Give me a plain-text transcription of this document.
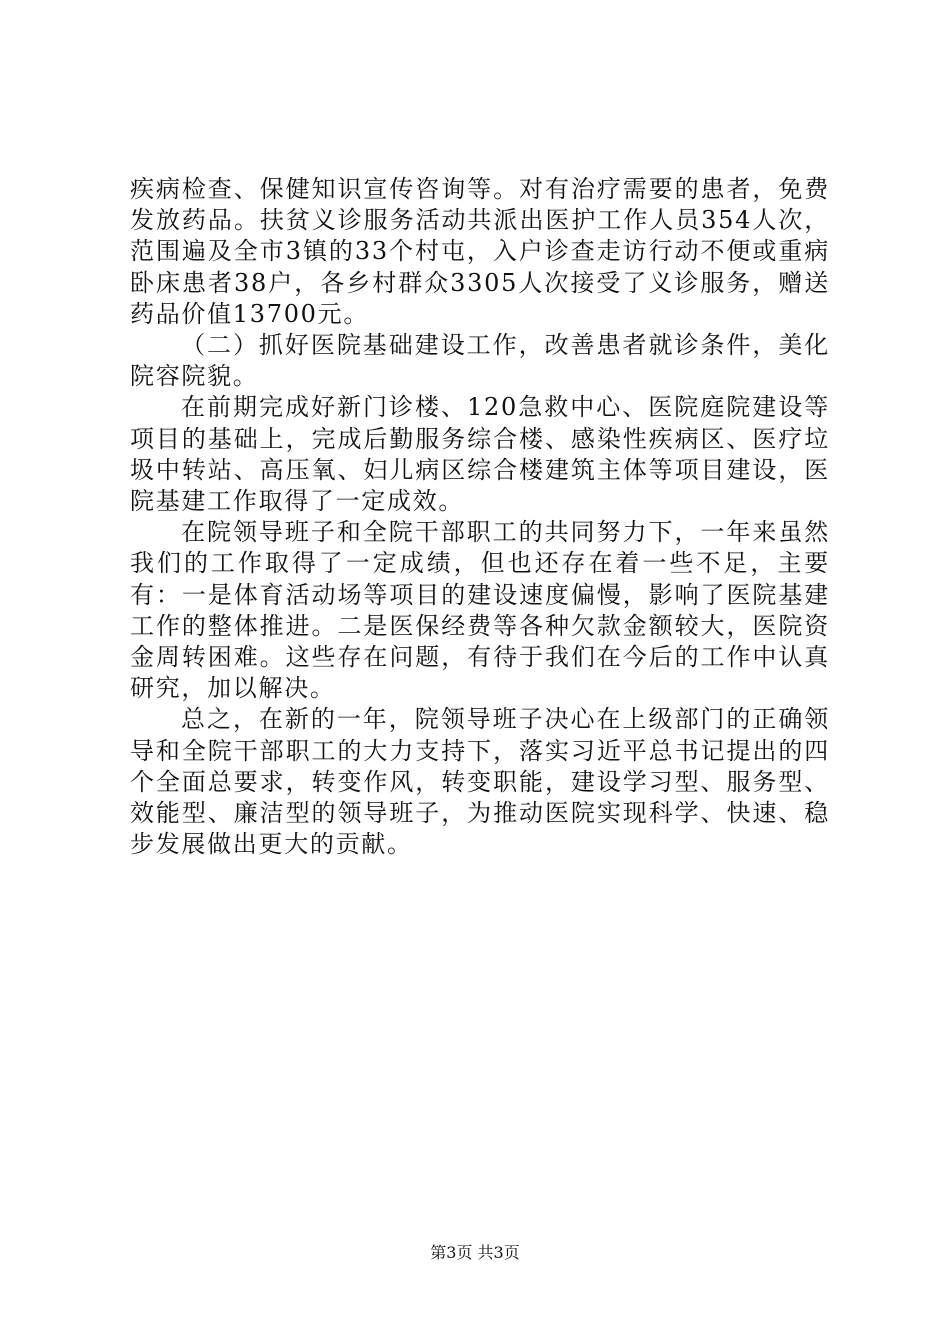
疾病检查、保健知识宣传咨询等。对有治疗需要的患者，免费发放药品。扶贫义诊服务活动共派出医护工作人员354人次，范围遍及全市3镇的33个村屯，入户诊查走访行动不便或重病卧床患者38户，各乡村群众3305人次接受了义诊服务，赠送药品价值13700元。

（二）抓好医院基础建设工作，改善患者就诊条件，美化院容院貌。

在前期完成好新门诊楼、120急救中心、医院庭院建设等项目的基础上，完成后勤服务综合楼、感染性疾病区、医疗垃圾中转站、高压氧、妇儿病区综合楼建筑主体等项目建设，医院基建工作取得了一定成效。

在院领导班子和全院干部职工的共同努力下，一年来虽然我们的工作取得了一定成绩，但也还存在着一些不足，主要有：一是体育活动场等项目的建设速度偏慢，影响了医院基建工作的整体推进。二是医保经费等各种欠款金额较大，医院资金周转困难。这些存在问题，有待于我们在今后的工作中认真研究，加以解决。

总之，在新的一年，院领导班子决心在上级部门的正确领导和全院干部职工的大力支持下，落实习近平总书记提出的四个全面总要求，转变作风，转变职能，建设学习型、服务型、效能型、廉洁型的领导班子，为推动医院实现科学、快速、稳步发展做出更大的贡献。

第3页 共3页
